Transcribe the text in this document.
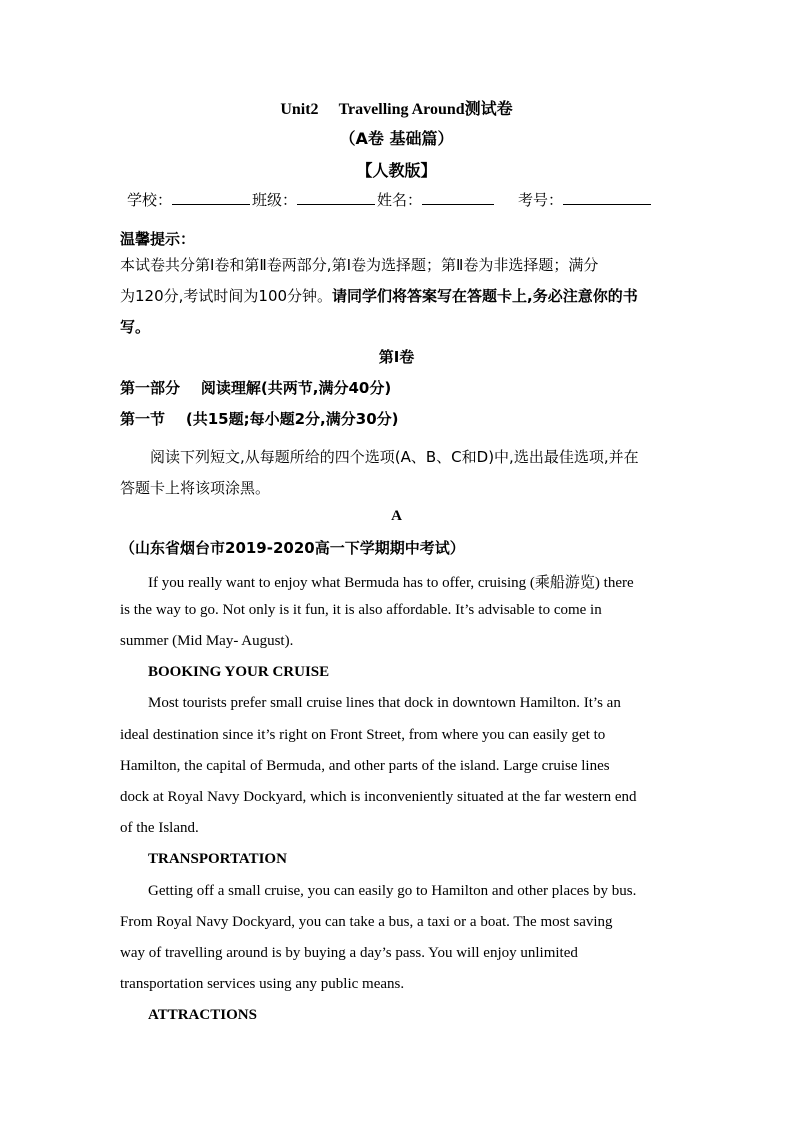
Unit2 Travelling Around测试卷
（A卷 基础篇）
【人教版】
学校：	班级：	姓名：	考号：
温馨提示：
本试卷共分第Ⅰ卷和第Ⅱ卷两部分,第Ⅰ卷为选择题；第Ⅱ卷为非选择题；满分
为120分,考试时间为100分钟。请同学们将答案写在答题卡上,务必注意你的书
写。
第Ⅰ卷
第一部分    阅读理解(共两节,满分40分)
第一节    (共15题;每小题2分,满分30分)
阅读下列短文,从每题所给的四个选项(A、B、C和D)中,选出最佳选项,并在
答题卡上将该项涂黑。
A
（山东省烟台市2019-2020高一下学期期中考试）
If you really want to enjoy what Bermuda has to offer, cruising (乘船游览) there
is the way to go. Not only is it fun, it is also affordable. It’s advisable to come in
summer (Mid May- August).
BOOKING YOUR CRUISE
Most tourists prefer small cruise lines that dock in downtown Hamilton. It’s an
ideal destination since it’s right on Front Street, from where you can easily get to
Hamilton, the capital of Bermuda, and other parts of the island. Large cruise lines
dock at Royal Navy Dockyard, which is inconveniently situated at the far western end
of the Island.
TRANSPORTATION
Getting off a small cruise, you can easily go to Hamilton and other places by bus.
From Royal Navy Dockyard, you can take a bus, a taxi or a boat. The most saving
way of travelling around is by buying a day’s pass. You will enjoy unlimited
transportation services using any public means.
ATTRACTIONS
